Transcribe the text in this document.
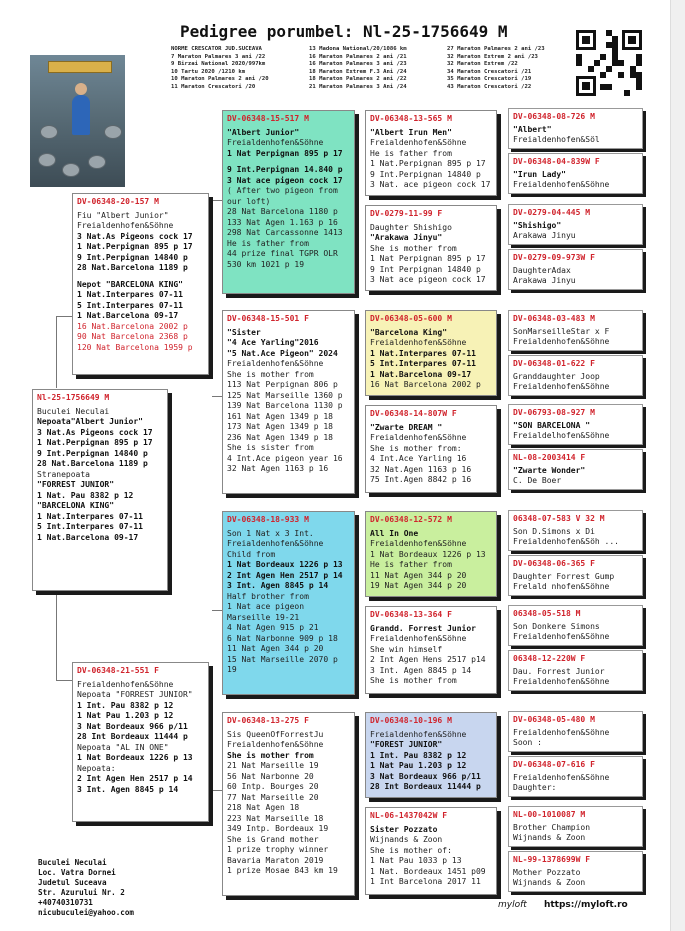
Pedigree porumbel: Nl-25-1756649 M
NORME CRESCATOR JUD.SUCEAVA
7 Maraton Palmares 3 ani /22
9 Birzai National 2020/997km
10 Tartu 2020 /1210 km
10 Maraton Palmares 2 ani /20
11 Maraton Crescatori /20
13 Madona National/20/1086 km
16 Maraton Palmares 2 ani /21
16 Maraton Palmares 3 ani /23
18 Maraton Extrem F.3 Ani /24
18 Maraton Palmares 2 ani /22
21 Maraton Palmares 3 Ani /24
27 Maraton Palmares 2 ani /23
32 Maraton Extrem 2 ani /23
32 Maraton Extrem /22
34 Maraton Crescatori /21
35 Maraton Crescatori /19
43 Maraton Crescatori /22
Nl-25-1756649 M
Buculei Neculai
Nepoata"Albert Junior"
3 Nat.As Pigeons cock 17
1 Nat.Perpignan 895 p 17
9 Int.Perpignan 14840 p
28 Nat.Barcelona 1189 p
Stranepoata
"FORREST JUNIOR"
1 Nat. Pau 8382 p 12
"BARCELONA KING"
1 Nat.Interpares 07-11
5 Int.Interpares 07-11
1 Nat.Barcelona 09-17
DV-06348-20-157 M
Fiu "Albert Junior"
Freialdenhofen&Söhne
3 Nat.As Pigeons cock 17
1 Nat.Perpignan 895 p 17
9 Int.Perpignan 14840 p
28 Nat.Barcelona 1189 p
Nepot "BARCELONA KING"
1 Nat.Interpares 07-11
5 Int.Interpares 07-11
1 Nat.Barcelona 09-17
16 Nat.Barcelona 2002 p
90 Nat Barcelona 2368 p
120 Nat Barcelona 1959 p
DV-06348-21-551 F
Freialdenhofen&Söhne
Nepoata "FORREST JUNIOR"
1 Int. Pau 8382 p 12
1 Nat Pau 1.203 p 12
3 Nat Bordeaux 966 p/11
28 Int Bordeaux 11444 p
Nepoata "AL IN ONE"
1 Nat Bordeaux 1226 p 13
Nepoata:
2 Int Agen Hen 2517 p 14
3 Int. Agen 8845 p 14
DV-06348-15-517 M
"Albert Junior"
Freialdenhofen&Söhne
1 Nat Perpignan 895 p 17
9 Int.Perpignan 14.840 p
3 Nat ace pigeon cock 17
( After two pigeon from
our loft)
28 Nat Barcelona 1180 p
133 Nat Agen 1.163 p 16
298 Nat Carcassonne 1413
He is father from
44 prize final TGPR OLR
530 km 1021 p 19
DV-06348-15-501 F
"Sister
"4 Ace Yarling"2016
"5 Nat.Ace Pigeon" 2024
Freialdenhofen&Söhne
She is mother from
113 Nat Perpignan 806 p
125 Nat Marseille 1360 p
139 Nat Barcelona 1130 p
161 Nat Agen 1349 p 18
173 Nat Agen 1349 p 18
236 Nat Agen 1349 p 18
She is sister from
4 Int.Ace pigeon year 16
32 Nat Agen 1163 p 16
DV-06348-18-933 M
Son 1 Nat x 3 Int.
Freialdenhofen&Söhne
Child from
1 Nat Bordeaux 1226 p 13
2 Int Agen Hen 2517 p 14
3 Int. Agen 8845 p 14
Half brother from
1 Nat ace pigeon
Marseille 19-21
4 Nat Agen 915 p 21
6 Nat Narbonne 909 p 18
11 Nat Agen 344 p 20
15 Nat Marseille 2070 p
19
DV-06348-13-275 F
Sis QueenOfForrestJu
Freialdenhofen&Söhne
She is mother from
21 Nat Marseille 19
56 Nat Narbonne 20
60 Intp. Bourges 20
77 Nat Marseille 20
218 Nat Agen 18
223 Nat Marseille 18
349 Intp. Bordeaux 19
She is Grand mother
1 prize trophy winner
Bavaria Maraton 2019
1 prize Mosae 843 km 19
DV-06348-13-565 M
"Albert Irun Men"
Freialdenhofen&Söhne
He is father from
1 Nat.Perpignan 895 p 17
9 Int.Perpignan 14840 p
3 Nat. ace pigeon cock 17
DV-0279-11-99 F
Daughter Shishigo
"Arakawa Jinyu"
She is mother from
1 Nat Perpignan 895 p 17
9 Int Perpignan 14840 p
3 Nat ace pigeon cock 17
DV-06348-05-600 M
"Barcelona King"
Freialdenhofen&Söhne
1 Nat.Interpares 07-11
5 Int.Interpares 07-11
1 Nat.Barcelona 09-17
16 Nat Barcelona 2002 p
DV-06348-14-807W F
"Zwarte DREAM "
Freialdenhofen&Söhne
She is mother from:
4 Int.Ace Yarling 16
32 Nat.Agen 1163 p 16
75 Int.Agen 8842 p 16
DV-06348-12-572 M
All In One
Freialdenhofen&Söhne
1 Nat Bordeaux 1226 p 13
He is father from
11 Nat Agen 344 p 20
19 Nat Agen 344 p 20
DV-06348-13-364 F
Grandd. Forrest Junior
Freialdenhofen&Söhne
She win himself
2 Int Agen Hens 2517 p14
3 Int. Agen 8845 p 14
She is mother from
DV-06348-10-196 M
Freialdenhofen&Söhne
"FOREST JUNIOR"
1 Int. Pau 8382 p 12
1 Nat Pau 1.203 p 12
3 Nat Bordeaux 966 p/11
28 Int Bordeaux 11444 p
NL-06-1437042W F
Sister Pozzato
Wijnands & Zoon
She is mother of:
1 Nat Pau 1033 p 13
1 Nat. Bordeaux 1451 p09
1 Int Barcelona 2017 11
DV-06348-08-726 M
"Albert"
Freialdenhofen&Söl
DV-06348-04-839W F
"Irun Lady"
Freialdenhofen&Söhne
DV-0279-04-445 M
"Shishigo"
Arakawa Jinyu
DV-0279-09-973W F
DaughterAdax
Arakawa Jinyu
DV-06348-03-483 M
SonMarseilleStar x F
Freialdenhofen&Söhne
DV-06348-01-622 F
Granddaughter Joop
Freialdenhofen&Söhne
DV-06793-08-927 M
"SON BARCELONA "
Freialdelhofen&Söhne
NL-08-2003414 F
"Zwarte Wonder"
C. De Boer
06348-07-583 V 32 M
Son D.Simons x Di
Freialdenhofen&Söh ...
DV-06348-06-365 F
Daughter Forrest Gump
Frelald nhofen&Söhne
06348-05-518 M
Son Donkere Simons
Freialdenhofen&Söhne
06348-12-220W F
Dau. Forrest Junior
Freialdenhofen&Söhne
DV-06348-05-480 M
Freialdenhofen&Söhne
Soon :
DV-06348-07-616 F
Freialdenhofen&Söhne
Daughter:
NL-00-1010087 M
Brother Champion
Wijnands & Zoon
NL-99-1378699W F
Mother Pozzato
Wijnands & Zoon
Buculei Neculai
Loc. Vatra Dornei
Judetul Suceava
Str. Azurului Nr. 2
+40740310731
nicubuculei@yahoo.com
myloft https://myloft.ro
